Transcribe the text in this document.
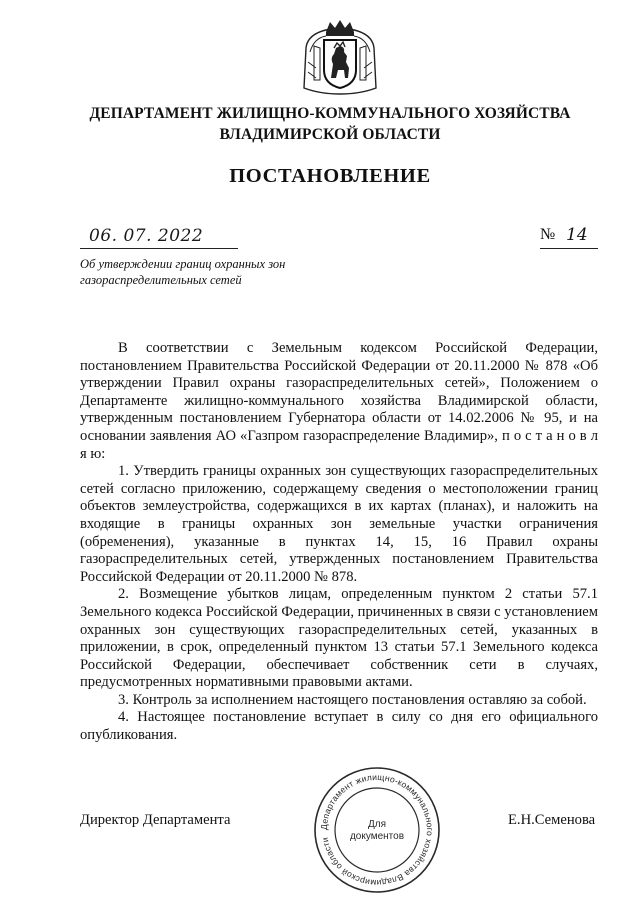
ДЕПАРТАМЕНТ ЖИЛИЩНО-КОММУНАЛЬНОГО ХОЗЯЙСТВА
ВЛАДИМИРСКОЙ ОБЛАСТИ
ПОСТАНОВЛЕНИЕ
06. 07. 2022	№ 14
Об утверждении границ охранных зон
газораспределительных сетей

В соответствии с Земельным кодексом Российской Федерации, постановлением Правительства Российской Федерации от 20.11.2000 № 878 «Об утверждении Правил охраны газораспределительных сетей», Положением о Департаменте жилищно-коммунального хозяйства Владимирской области, утвержденным постановлением Губернатора области от 14.02.2006 № 95, и на основании заявления АО «Газпром газораспределение Владимир», п о с т а н о в л я ю:

1. Утвердить границы охранных зон существующих газораспределительных сетей согласно приложению, содержащему сведения о местоположении границ объектов землеустройства, содержащихся в их картах (планах), и наложить на входящие в границы охранных зон земельные участки ограничения (обременения), указанные в пунктах 14, 15, 16 Правил охраны газораспределительных сетей, утвержденных постановлением Правительства Российской Федерации от 20.11.2000 № 878.

2. Возмещение убытков лицам, определенным пунктом 2 статьи 57.1 Земельного кодекса Российской Федерации, причиненных в связи с установлением охранных зон существующих газораспределительных сетей, указанных в приложении, в срок, определенный пунктом 13 статьи 57.1 Земельного кодекса Российской Федерации, обеспечивает собственник сети в случаях, предусмотренных нормативными правовыми актами.

3. Контроль за исполнением настоящего постановления оставляю за собой.

4. Настоящее постановление вступает в силу со дня его официального опубликования.

Директор Департамента	Е.Н.Семенова
Департамент жилищно-коммунального хозяйства Владимирской области
Для
документов
